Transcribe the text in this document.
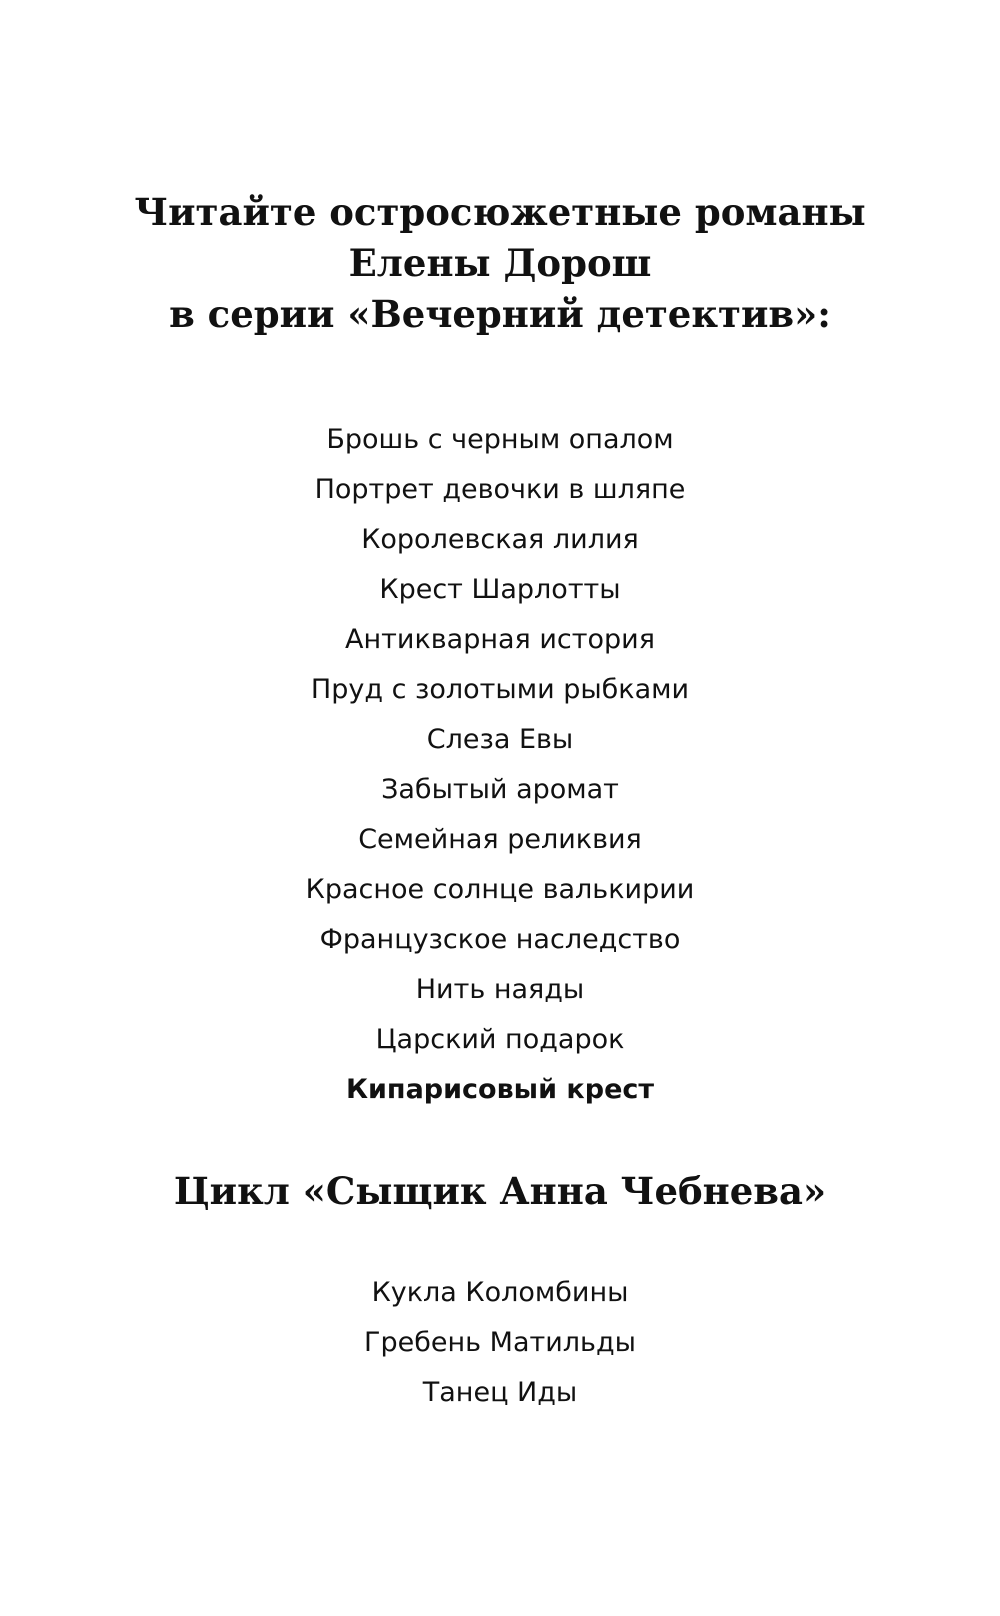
Читайте остросюжетные романы
Елены Дорош
в серии «Вечерний детектив»:
Брошь с черным опалом
Портрет девочки в шляпе
Королевская лилия
Крест Шарлотты
Антикварная история
Пруд с золотыми рыбками
Слеза Евы
Забытый аромат
Семейная реликвия
Красное солнце валькирии
Французское наследство
Нить наяды
Царский подарок
Кипарисовый крест
Цикл «Сыщик Анна Чебнева»
Кукла Коломбины
Гребень Матильды
Танец Иды
